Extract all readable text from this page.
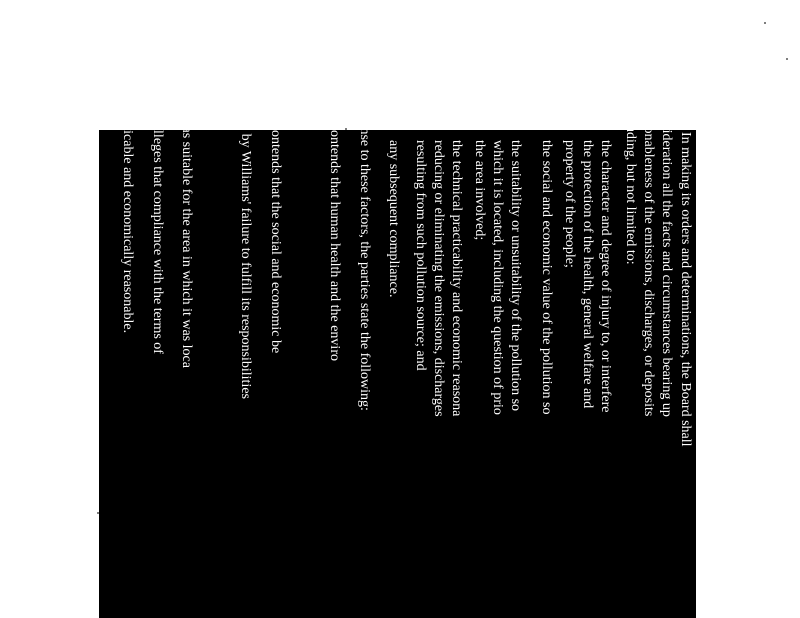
In making its orders and determinations, the Board shall
consideration all the facts and circumstances bearing up
reasonableness of the emissions, discharges, or deposits
including, but not limited to:
1.
the character and degree of injury to, or interfere
the protection of the health, general welfare and
property of the people;
2.
the social and economic value of the pollution so
3.
the suitability or unsuitability of the pollution so
which it is located, including the question of prio
the area involved;
4.
the technical practicability and economic reasona
reducing or eliminating the emissions, discharges
resulting from such pollution source; and
5.
any subsequent compliance.
In response to these factors, the parties state the following:
1.
Complainant contends that human health and the enviro
Williams' violations.
2.
Complainant contends that the social and economic be
facility were reduced by Williams' failure to fulfill its responsibilities
Regulations.
3.
The facility was suitable for the area in which it was loca
4.
Complainant alleges that compliance with the terms of
was technically practicable and economically reasonable.
